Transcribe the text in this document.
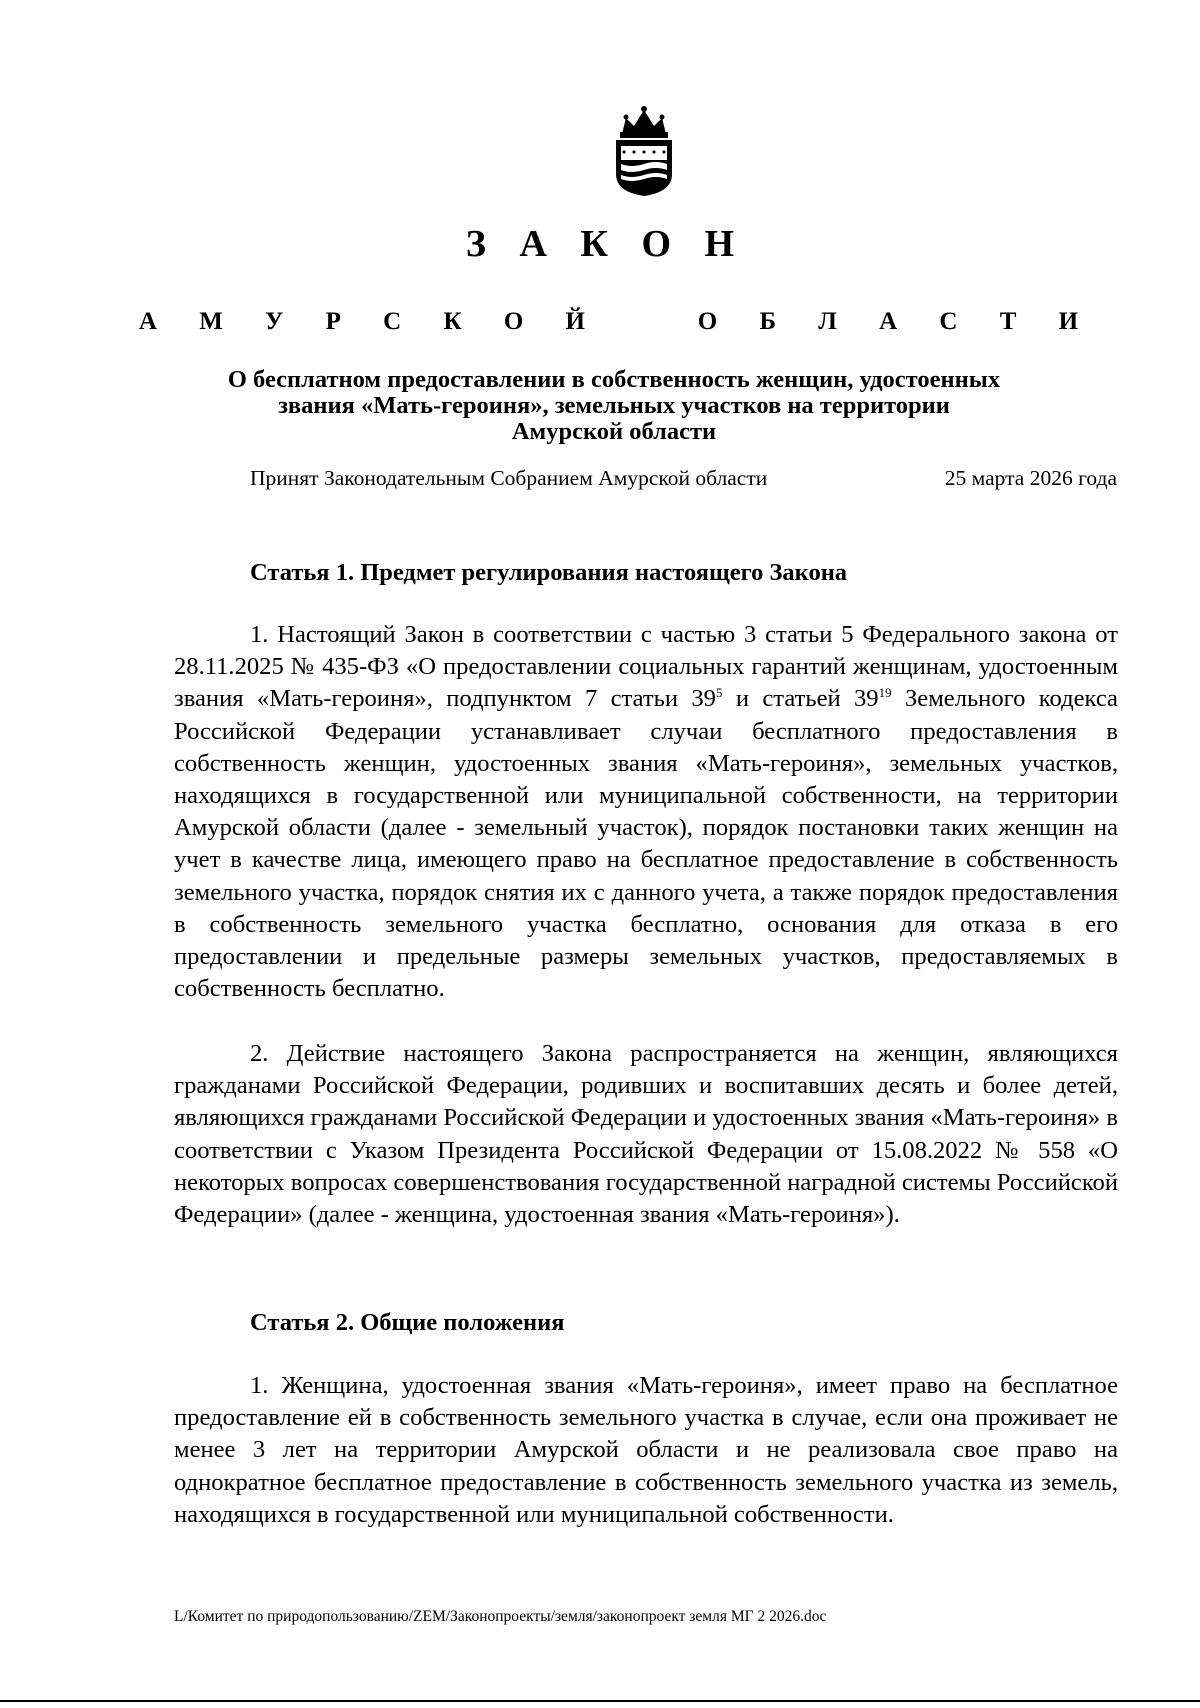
З А К О Н
А М У Р С К О Й   О Б Л А С Т И
О бесплатном предоставлении в собственность женщин, удостоенных
звания «Мать-героиня», земельных участков на территории
Амурской области
Принят Законодательным Собранием Амурской области	25 марта 2026 года
Статья 1. Предмет регулирования настоящего Закона

1. Настоящий Закон в соответствии с частью 3 статьи 5 Федерального закона от 28.11.2025 № 435-ФЗ «О предоставлении социальных гарантий женщинам, удостоенным звания «Мать-героиня», подпунктом 7 статьи $39^5$ и статьей $39^{19}$ Земельного кодекса Российской Федерации устанавливает случаи бесплатного предоставления в собственность женщин, удостоенных звания «Мать-героиня», земельных участков, находящихся в государственной или муниципальной собственности, на территории Амурской области (далее - земельный участок), порядок постановки таких женщин на учет в качестве лица, имеющего право на бесплатное предоставление в собственность земельного участка, порядок снятия их с данного учета, а также порядок предоставления в собственность земельного участка бесплатно, основания для отказа в его предоставлении и предельные размеры земельных участков, предоставляемых в собственность бесплатно.

2. Действие настоящего Закона распространяется на женщин, являющихся гражданами Российской Федерации, родивших и воспитавших десять и более детей, являющихся гражданами Российской Федерации и удостоенных звания «Мать-героиня» в соответствии с Указом Президента Российской Федерации от 15.08.2022 № 558 «О некоторых вопросах совершенствования государственной наградной системы Российской Федерации» (далее - женщина, удостоенная звания «Мать-героиня»).

Статья 2. Общие положения

1. Женщина, удостоенная звания «Мать-героиня», имеет право на бесплатное предоставление ей в собственность земельного участка в случае, если она проживает не менее 3 лет на территории Амурской области и не реализовала свое право на однократное бесплатное предоставление в собственность земельного участка из земель, находящихся в государственной или муниципальной собственности.

L/Комитет по природопользованию/ZEM/Законопроекты/земля/законопроект земля МГ 2 2026.doc
